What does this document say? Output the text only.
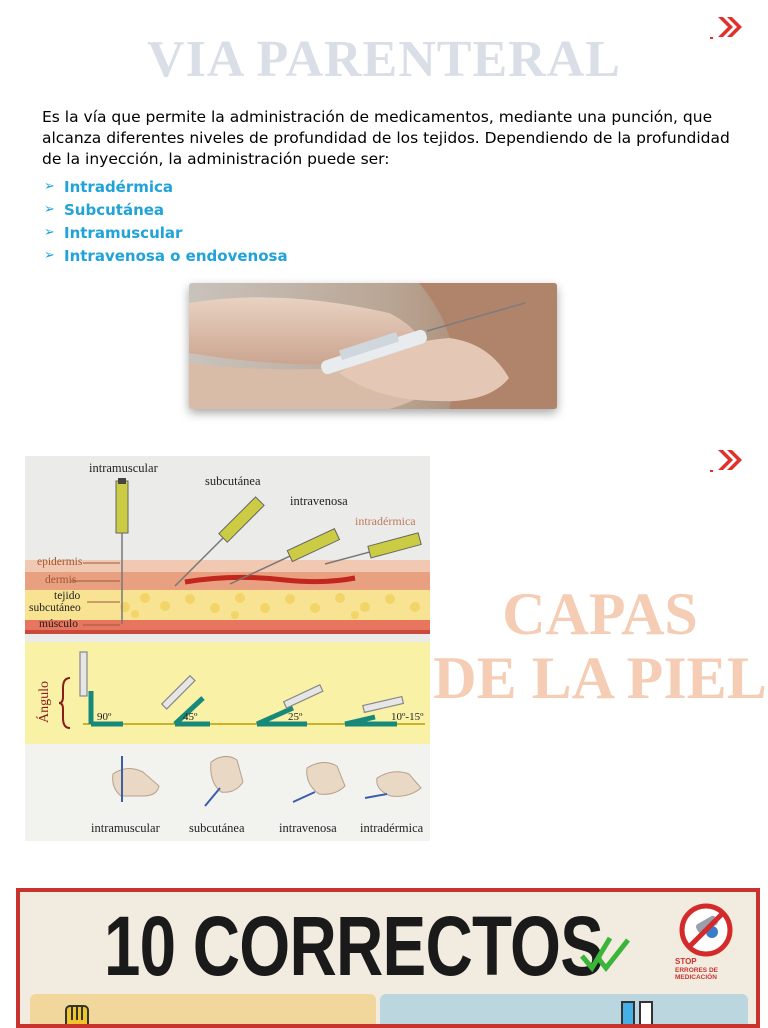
VIA PARENTERAL
Es la vía que permite la administración de medicamentos, mediante una punción, que alcanza diferentes niveles de profundidad de los tejidos. Dependiendo de la profundidad de la inyección, la administración puede ser:
➢ Intradérmica
➢ Subcutánea
➢ Intramuscular
➢ Intravenosa o endovenosa
intramuscular
subcutánea
intravenosa
intradérmica
epidermis
dermis
tejido
subcutáneo
músculo
Ángulo	90º	45º	25º	10º-15º
intramuscular subcutánea	intravenosa intradérmica
CAPAS
DE LA PIEL
10 CORRECTOS	STOP
ERRORES DE MEDICACIÓN
